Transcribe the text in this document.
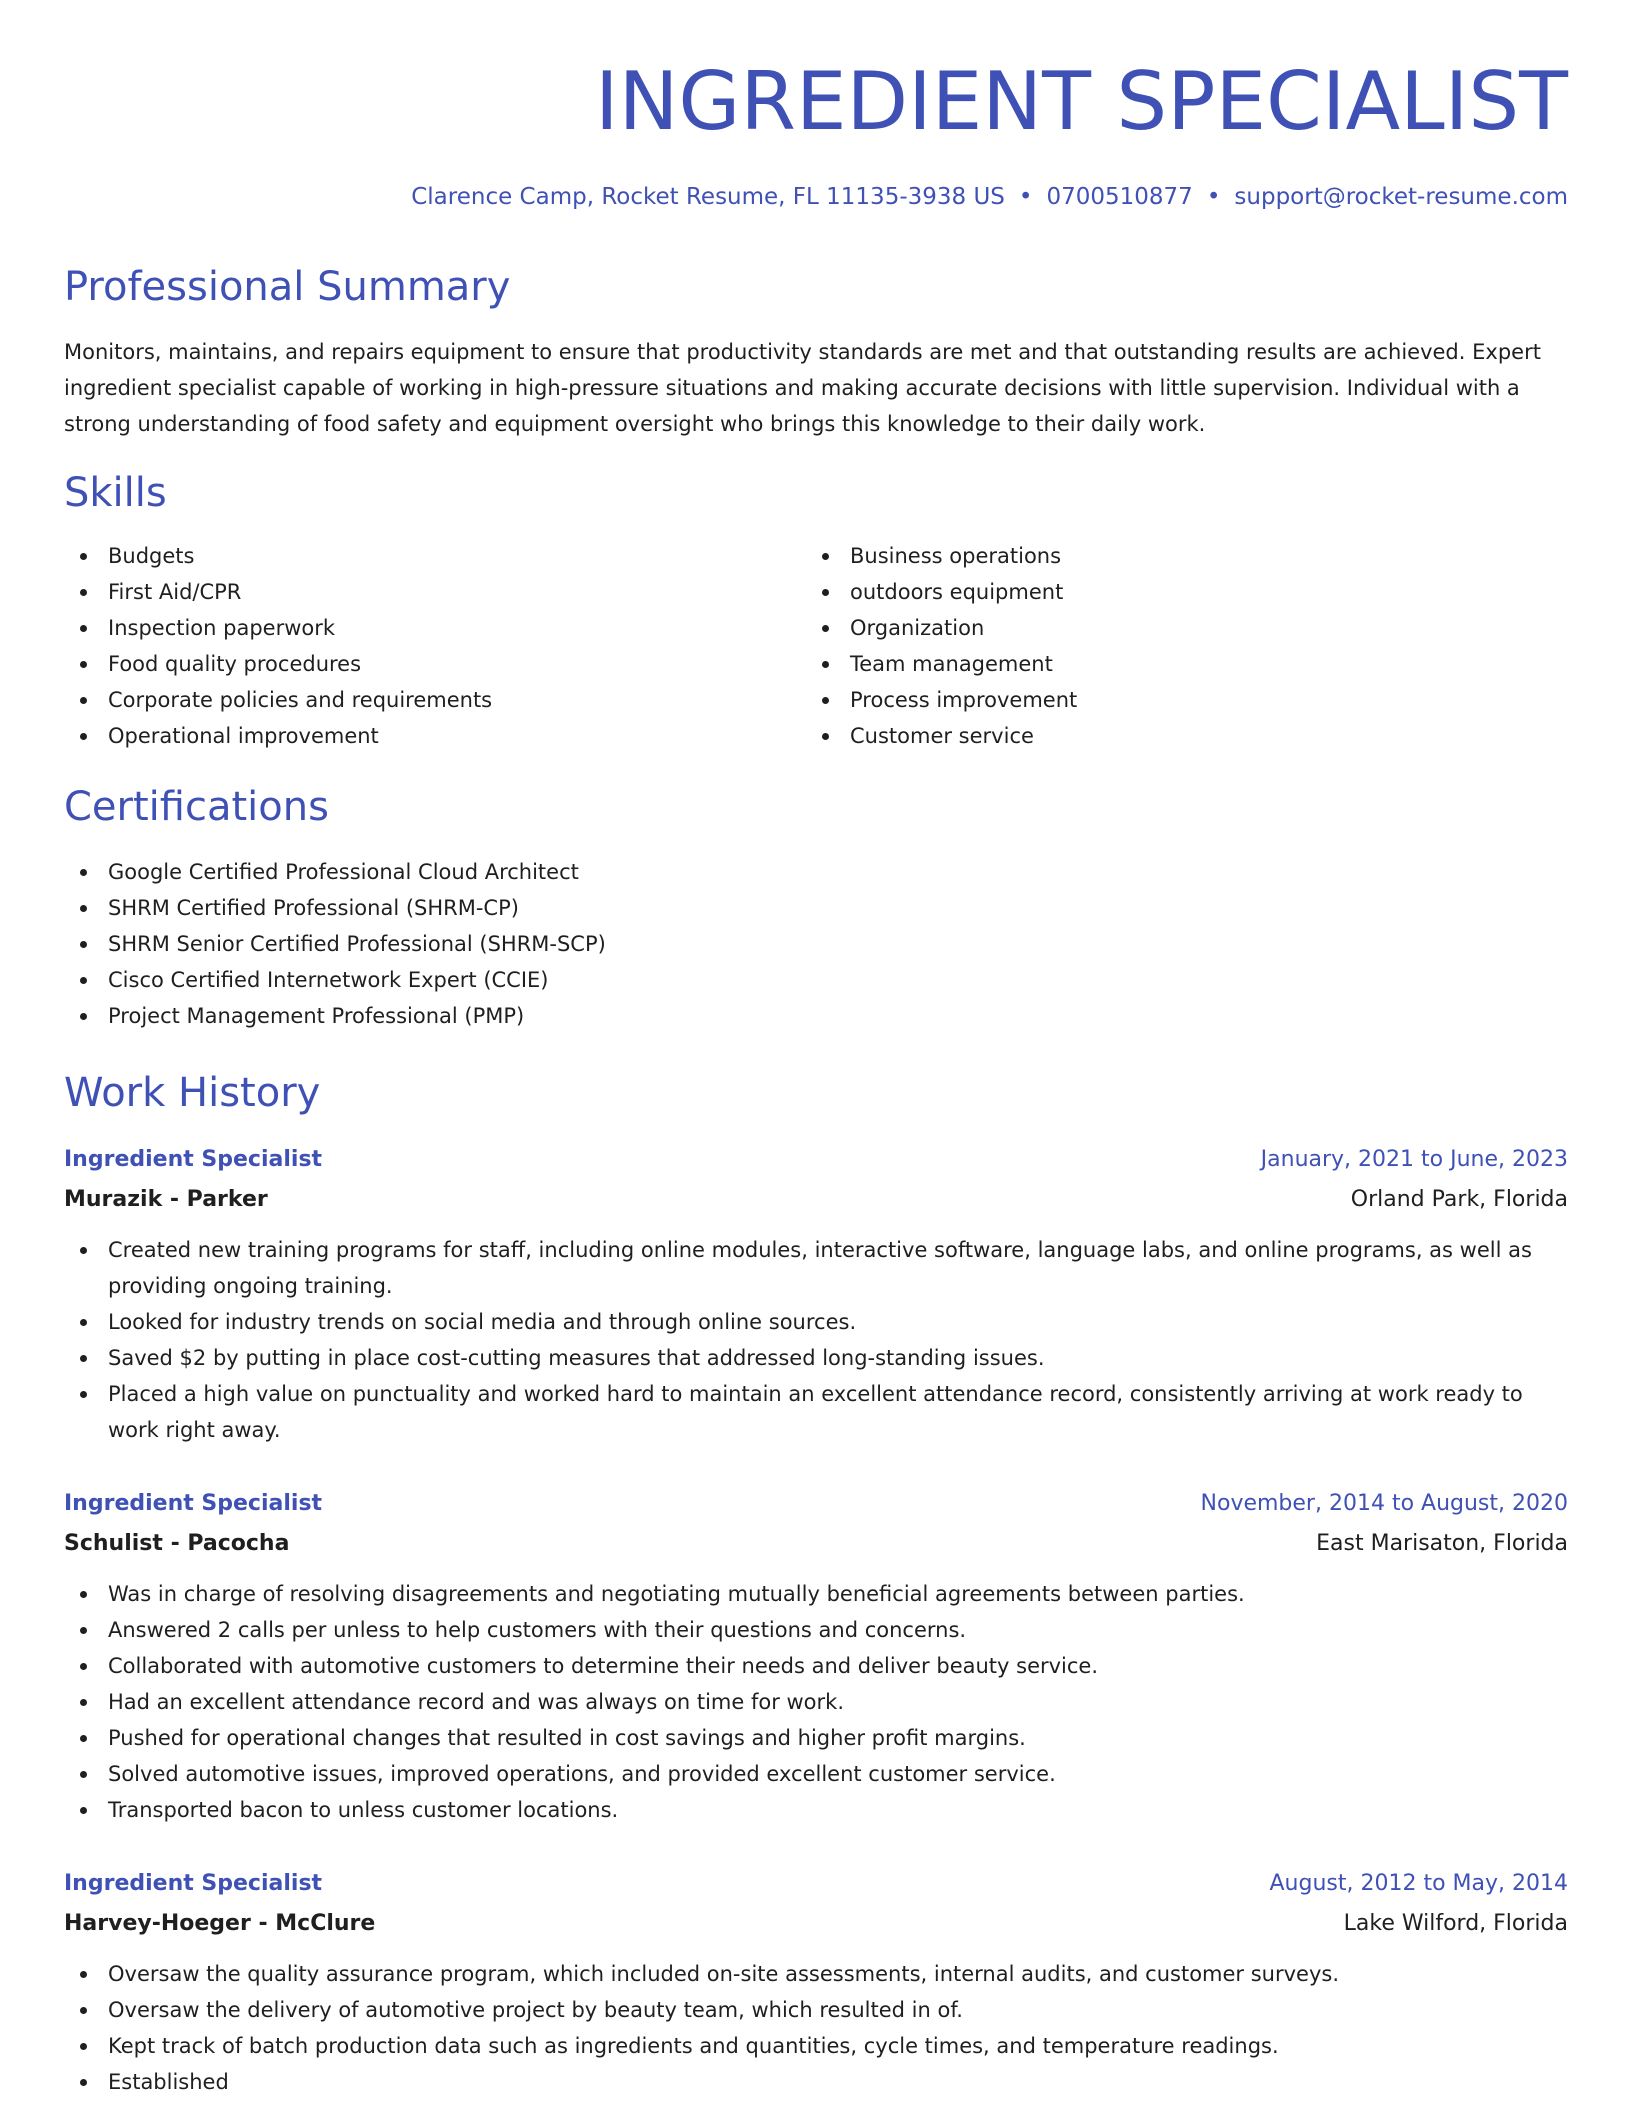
INGREDIENT SPECIALIST
Clarence Camp, Rocket Resume, FL 11135-3938 US • 0700510877 • support@rocket-resume.com
Professional Summary

Monitors, maintains, and repairs equipment to ensure that productivity standards are met and that outstanding results are achieved. Expert ingredient specialist capable of working in high-pressure situations and making accurate decisions with little supervision. Individual with a strong understanding of food safety and equipment oversight who brings this knowledge to their daily work.

Skills
Budgets
First Aid/CPR
Inspection paperwork
Food quality procedures
Corporate policies and requirements
Operational improvement
Business operations
outdoors equipment
Organization
Team management
Process improvement
Customer service
Certifications
Google Certified Professional Cloud Architect
SHRM Certified Professional (SHRM-CP)
SHRM Senior Certified Professional (SHRM-SCP)
Cisco Certified Internetwork Expert (CCIE)
Project Management Professional (PMP)
Work History
Ingredient Specialist	January, 2021 to June, 2023
Murazik - Parker	Orland Park, Florida
Created new training programs for staff, including online modules, interactive software, language labs, and online programs, as well as providing ongoing training.
Looked for industry trends on social media and through online sources.
Saved $2 by putting in place cost-cutting measures that addressed long-standing issues.
Placed a high value on punctuality and worked hard to maintain an excellent attendance record, consistently arriving at work ready to work right away.
Ingredient Specialist	November, 2014 to August, 2020
Schulist - Pacocha	East Marisaton, Florida
Was in charge of resolving disagreements and negotiating mutually beneficial agreements between parties.
Answered 2 calls per unless to help customers with their questions and concerns.
Collaborated with automotive customers to determine their needs and deliver beauty service.
Had an excellent attendance record and was always on time for work.
Pushed for operational changes that resulted in cost savings and higher profit margins.
Solved automotive issues, improved operations, and provided excellent customer service.
Transported bacon to unless customer locations.
Ingredient Specialist	August, 2012 to May, 2014
Harvey-Hoeger - McClure	Lake Wilford, Florida
Oversaw the quality assurance program, which included on-site assessments, internal audits, and customer surveys.
Oversaw the delivery of automotive project by beauty team, which resulted in of.
Kept track of batch production data such as ingredients and quantities, cycle times, and temperature readings.
Established
